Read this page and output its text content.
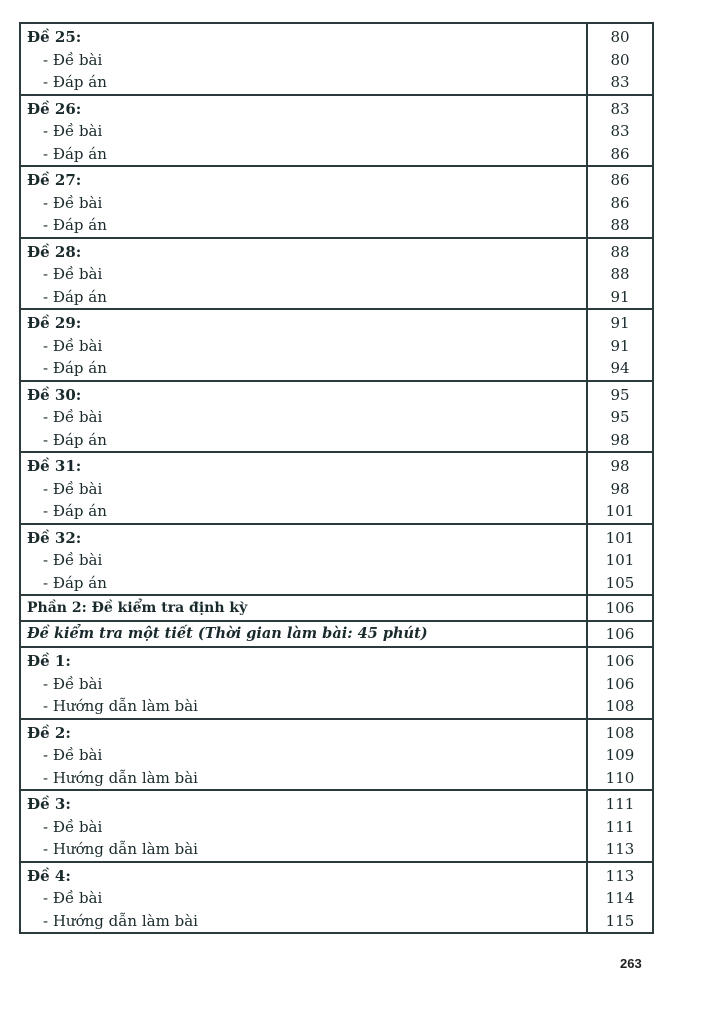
Đề 25:
- Đề bài
- Đáp án
80
80
83
Đề 26:
- Đề bài
- Đáp án
83
83
86
Đề 27:
- Đề bài
- Đáp án
86
86
88
Đề 28:
- Đề bài
- Đáp án
88
88
91
Đề 29:
- Đề bài
- Đáp án
91
91
94
Đề 30:
- Đề bài
- Đáp án
95
95
98
Đề 31:
- Đề bài
- Đáp án
98
98
101
Đề 32:
- Đề bài
- Đáp án
101
101
105
Phần 2: Đề kiểm tra định kỳ	106
Đề kiểm tra một tiết (Thời gian làm bài: 45 phút)	106
Đề 1:
- Đề bài
- Hướng dẫn làm bài
106
106
108
Đề 2:
- Đề bài
- Hướng dẫn làm bài
108
109
110
Đề 3:
- Đề bài
- Hướng dẫn làm bài
111
111
113
Đề 4:
- Đề bài
- Hướng dẫn làm bài
113
114
115
263
